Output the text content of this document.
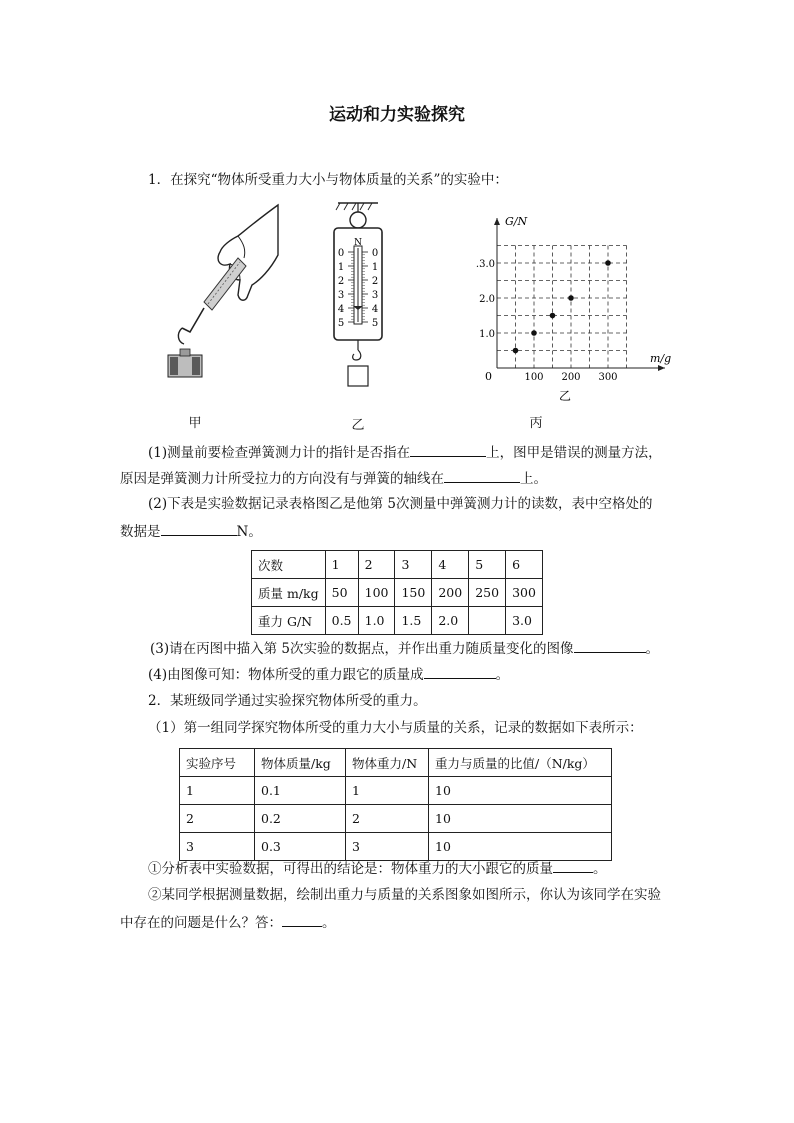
运动和力实验探究
1．在探究“物体所受重力大小与物体质量的关系”的实验中：
0	0
1	1
2	2
3	3
4	4
5	5
N
G/N
m/g
0
1.0
2.0
.3.0
100 200 300
乙
甲	乙	丙
(1)测量前要检查弹簧测力计的指针是否指在	上，图甲是错误的测量方法，
原因是弹簧测力计所受拉力的方向没有与弹簧的轴线在	上。
(2)下表是实验数据记录表格图乙是他第 5次测量中弹簧测力计的读数，表中空格处的
数据是	N。
次数	1	2	3	4	5	6
质量 m/kg	50	100	150	200	250	300
重力 G/N	0.5	1.0	1.5	2.0		3.0
(3)请在丙图中描入第 5次实验的数据点，并作出重力随质量变化的图像	。
(4)由图像可知：物体所受的重力跟它的质量成	。
2．某班级同学通过实验探究物体所受的重力。
（1）第一组同学探究物体所受的重力大小与质量的关系，记录的数据如下表所示：
实验序号	物体质量/kg	物体重力/N	重力与质量的比值/（N/kg）
1	0.1	1	10
2	0.2	2	10
3	0.3	3	10
①分析表中实验数据，可得出的结论是：物体重力的大小跟它的质量	。
②某同学根据测量数据，绘制出重力与质量的关系图象如图所示，你认为该同学在实验
中存在的问题是什么？答：	。
